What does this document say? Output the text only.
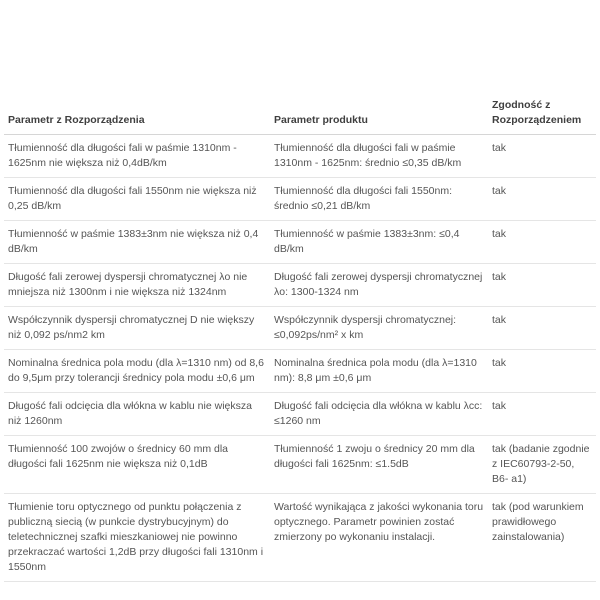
Parametr z Rozporządzenia	Parametr produktu	Zgodność z Rozporządzeniem
Tłumienność dla długości fali w paśmie 1310nm - 1625nm nie większa niż 0,4dB/km	Tłumienność dla długości fali w paśmie 1310nm - 1625nm: średnio ≤0,35 dB/km	tak
Tłumienność dla długości fali 1550nm nie większa niż 0,25 dB/km	Tłumienność dla długości fali 1550nm: średnio ≤0,21 dB/km	tak
Tłumienność w paśmie 1383±3nm nie większa niż 0,4 dB/km	Tłumienność w paśmie 1383±3nm: ≤0,4 dB/km	tak
Długość fali zerowej dyspersji chromatycznej λo nie mniejsza niż 1300nm i nie większa niż 1324nm	Długość fali zerowej dyspersji chromatycznej λo: 1300-1324 nm	tak
Współczynnik dyspersji chromatycznej D nie większy niż 0,092 ps/nm2 km	Współczynnik dyspersji chromatycznej: ≤0,092ps/nm² x km	tak
Nominalna średnica pola modu (dla λ=1310 nm) od 8,6 do 9,5μm przy tolerancji średnicy pola modu ±0,6 μm	Nominalna średnica pola modu (dla λ=1310 nm): 8,8 μm ±0,6 μm	tak
Długość fali odcięcia dla włókna w kablu nie większa niż 1260nm	Długość fali odcięcia dla włókna w kablu λcc: ≤1260 nm	tak
Tłumienność 100 zwojów o średnicy 60 mm dla długości fali 1625nm nie większa niż 0,1dB	Tłumienność 1 zwoju o średnicy 20 mm dla długości fali 1625nm: ≤1.5dB	tak (badanie zgodnie z IEC60793-2-50, B6- a1)
Tłumienie toru optycznego od punktu połączenia z publiczną siecią (w punkcie dystrybucyjnym) do teletechnicznej szafki mieszkaniowej nie powinno przekraczać wartości 1,2dB przy długości fali 1310nm i 1550nm	Wartość wynikająca z jakości wykonania toru optycznego. Parametr powinien zostać zmierzony po wykonaniu instalacji.	tak (pod warunkiem prawidłowego zainstalowania)
